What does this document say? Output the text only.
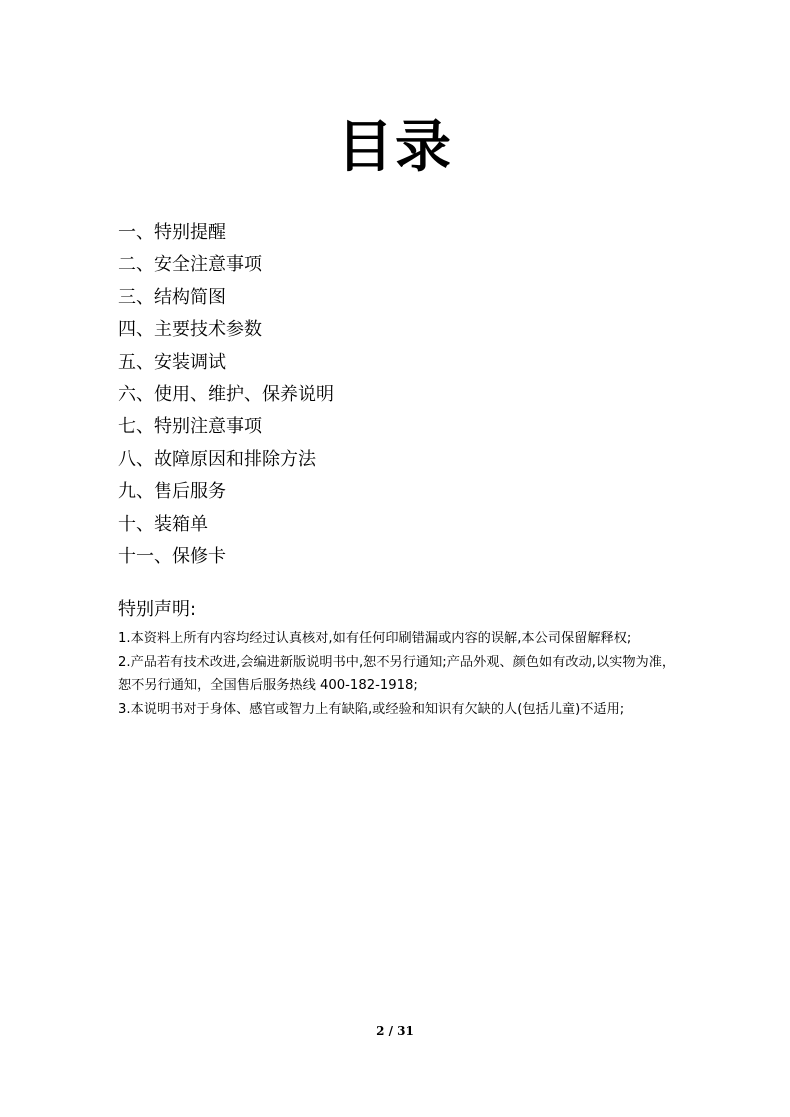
目录
一、特别提醒
二、安全注意事项
三、结构简图
四、主要技术参数
五、安装调试
六、使用、维护、保养说明
七、特别注意事项
八、故障原因和排除方法
九、售后服务
十、装箱单
十一、保修卡
特别声明:
1.本资料上所有内容均经过认真核对,如有任何印刷错漏或内容的误解,本公司保留解释权;
2.产品若有技术改进,会编进新版说明书中,恕不另行通知;产品外观、颜色如有改动,以实物为准，恕不另行通知，全国售后服务热线 400-182-1918;
3.本说明书对于身体、感官或智力上有缺陷,或经验和知识有欠缺的人(包括儿童)不适用;
2 / 31
